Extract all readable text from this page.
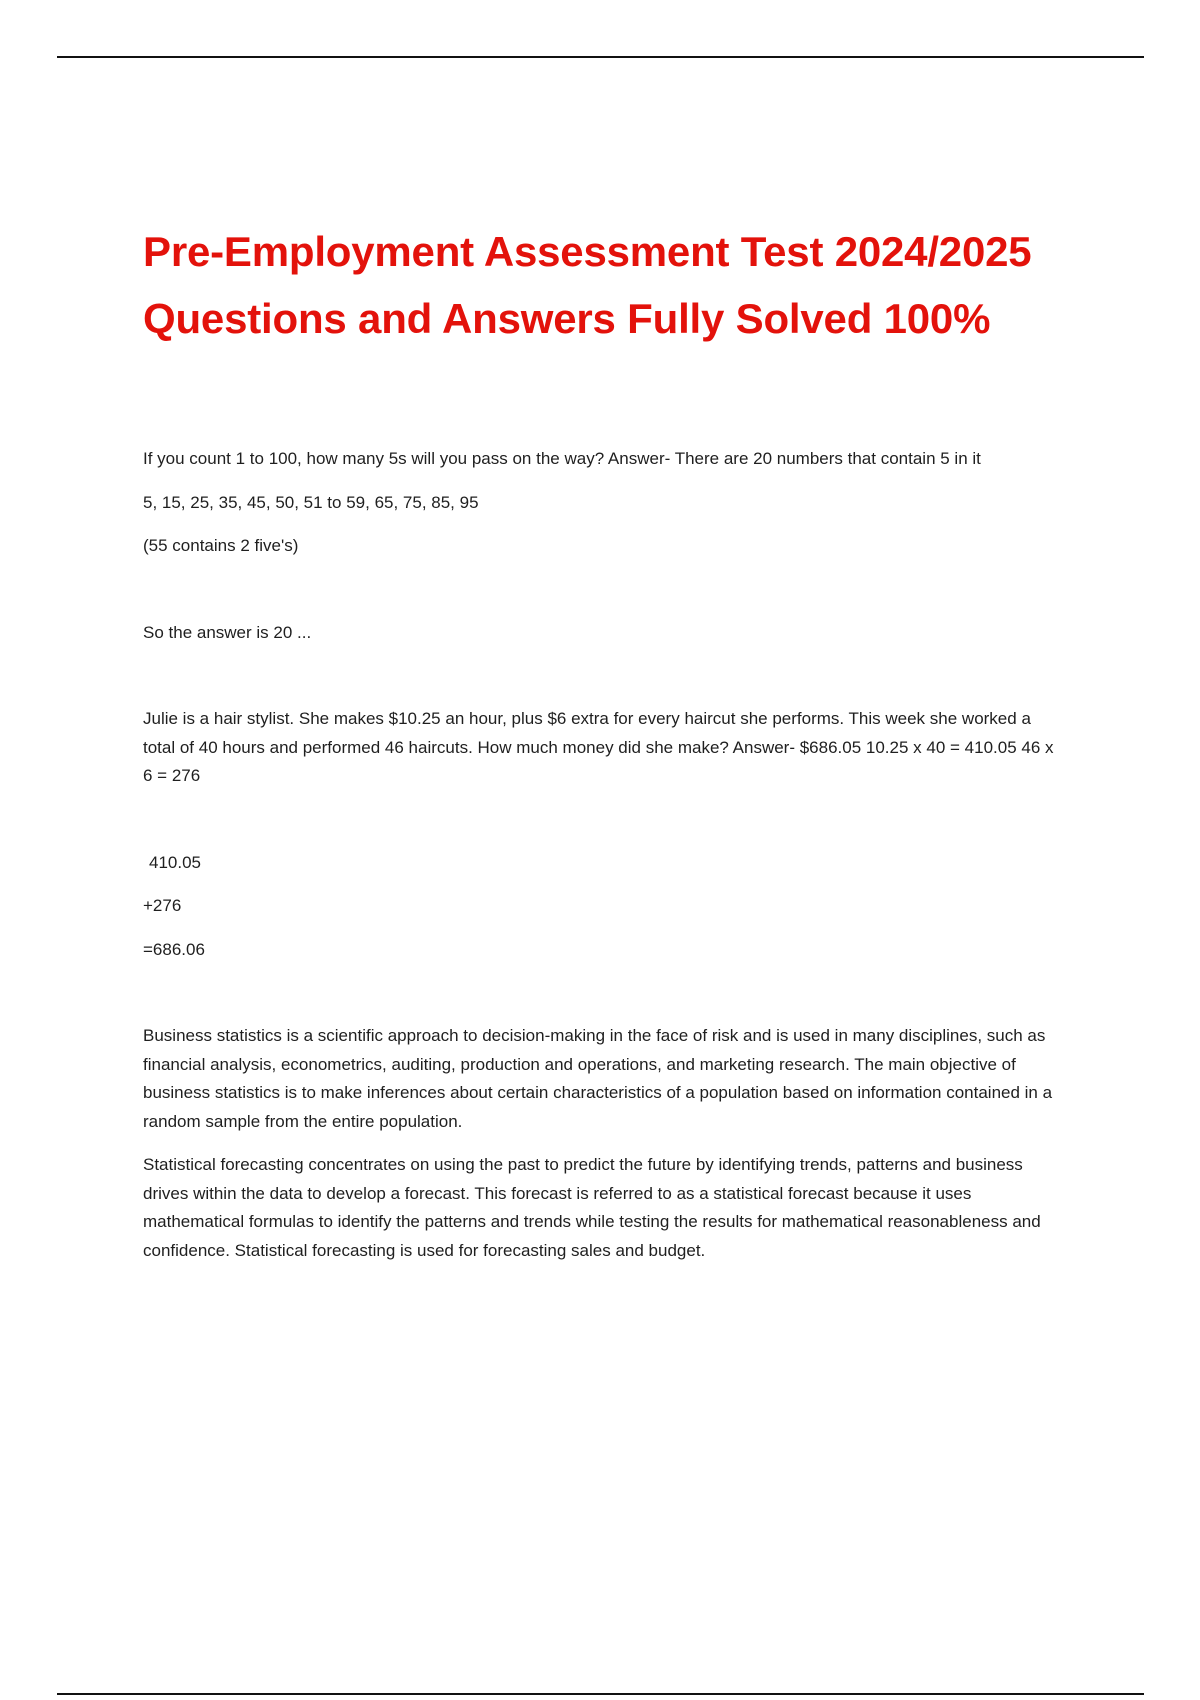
Pre-Employment Assessment Test 2024/2025 Questions and Answers Fully Solved 100%

If you count 1 to 100, how many 5s will you pass on the way? Answer- There are 20 numbers that contain 5 in it

5, 15, 25, 35, 45, 50, 51 to 59, 65, 75, 85, 95

(55 contains 2 five's)

So the answer is 20 ...

Julie is a hair stylist. She makes $10.25 an hour, plus $6 extra for every haircut she performs. This week she worked a total of 40 hours and performed 46 haircuts. How much money did she make? Answer- $686.05 10.25 x 40 = 410.05 46 x 6 = 276

410.05

+276

=686.06

Business statistics is a scientific approach to decision-making in the face of risk and is used in many disciplines, such as financial analysis, econometrics, auditing, production and operations, and marketing research. The main objective of business statistics is to make inferences about certain characteristics of a population based on information contained in a random sample from the entire population.

Statistical forecasting concentrates on using the past to predict the future by identifying trends, patterns and business drives within the data to develop a forecast. This forecast is referred to as a statistical forecast because it uses mathematical formulas to identify the patterns and trends while testing the results for mathematical reasonableness and confidence. Statistical forecasting is used for forecasting sales and budget.
